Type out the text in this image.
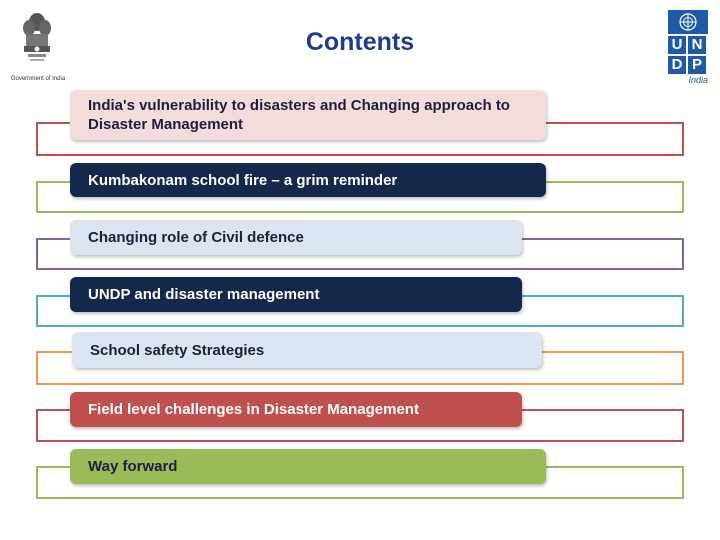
Government of India
Contents	U N
D P
India
India's vulnerability to disasters and Changing approach to Disaster Management
Kumbakonam school fire – a grim reminder
Changing role of Civil defence
UNDP and disaster management
School safety Strategies
Field level challenges in Disaster Management
Way forward
